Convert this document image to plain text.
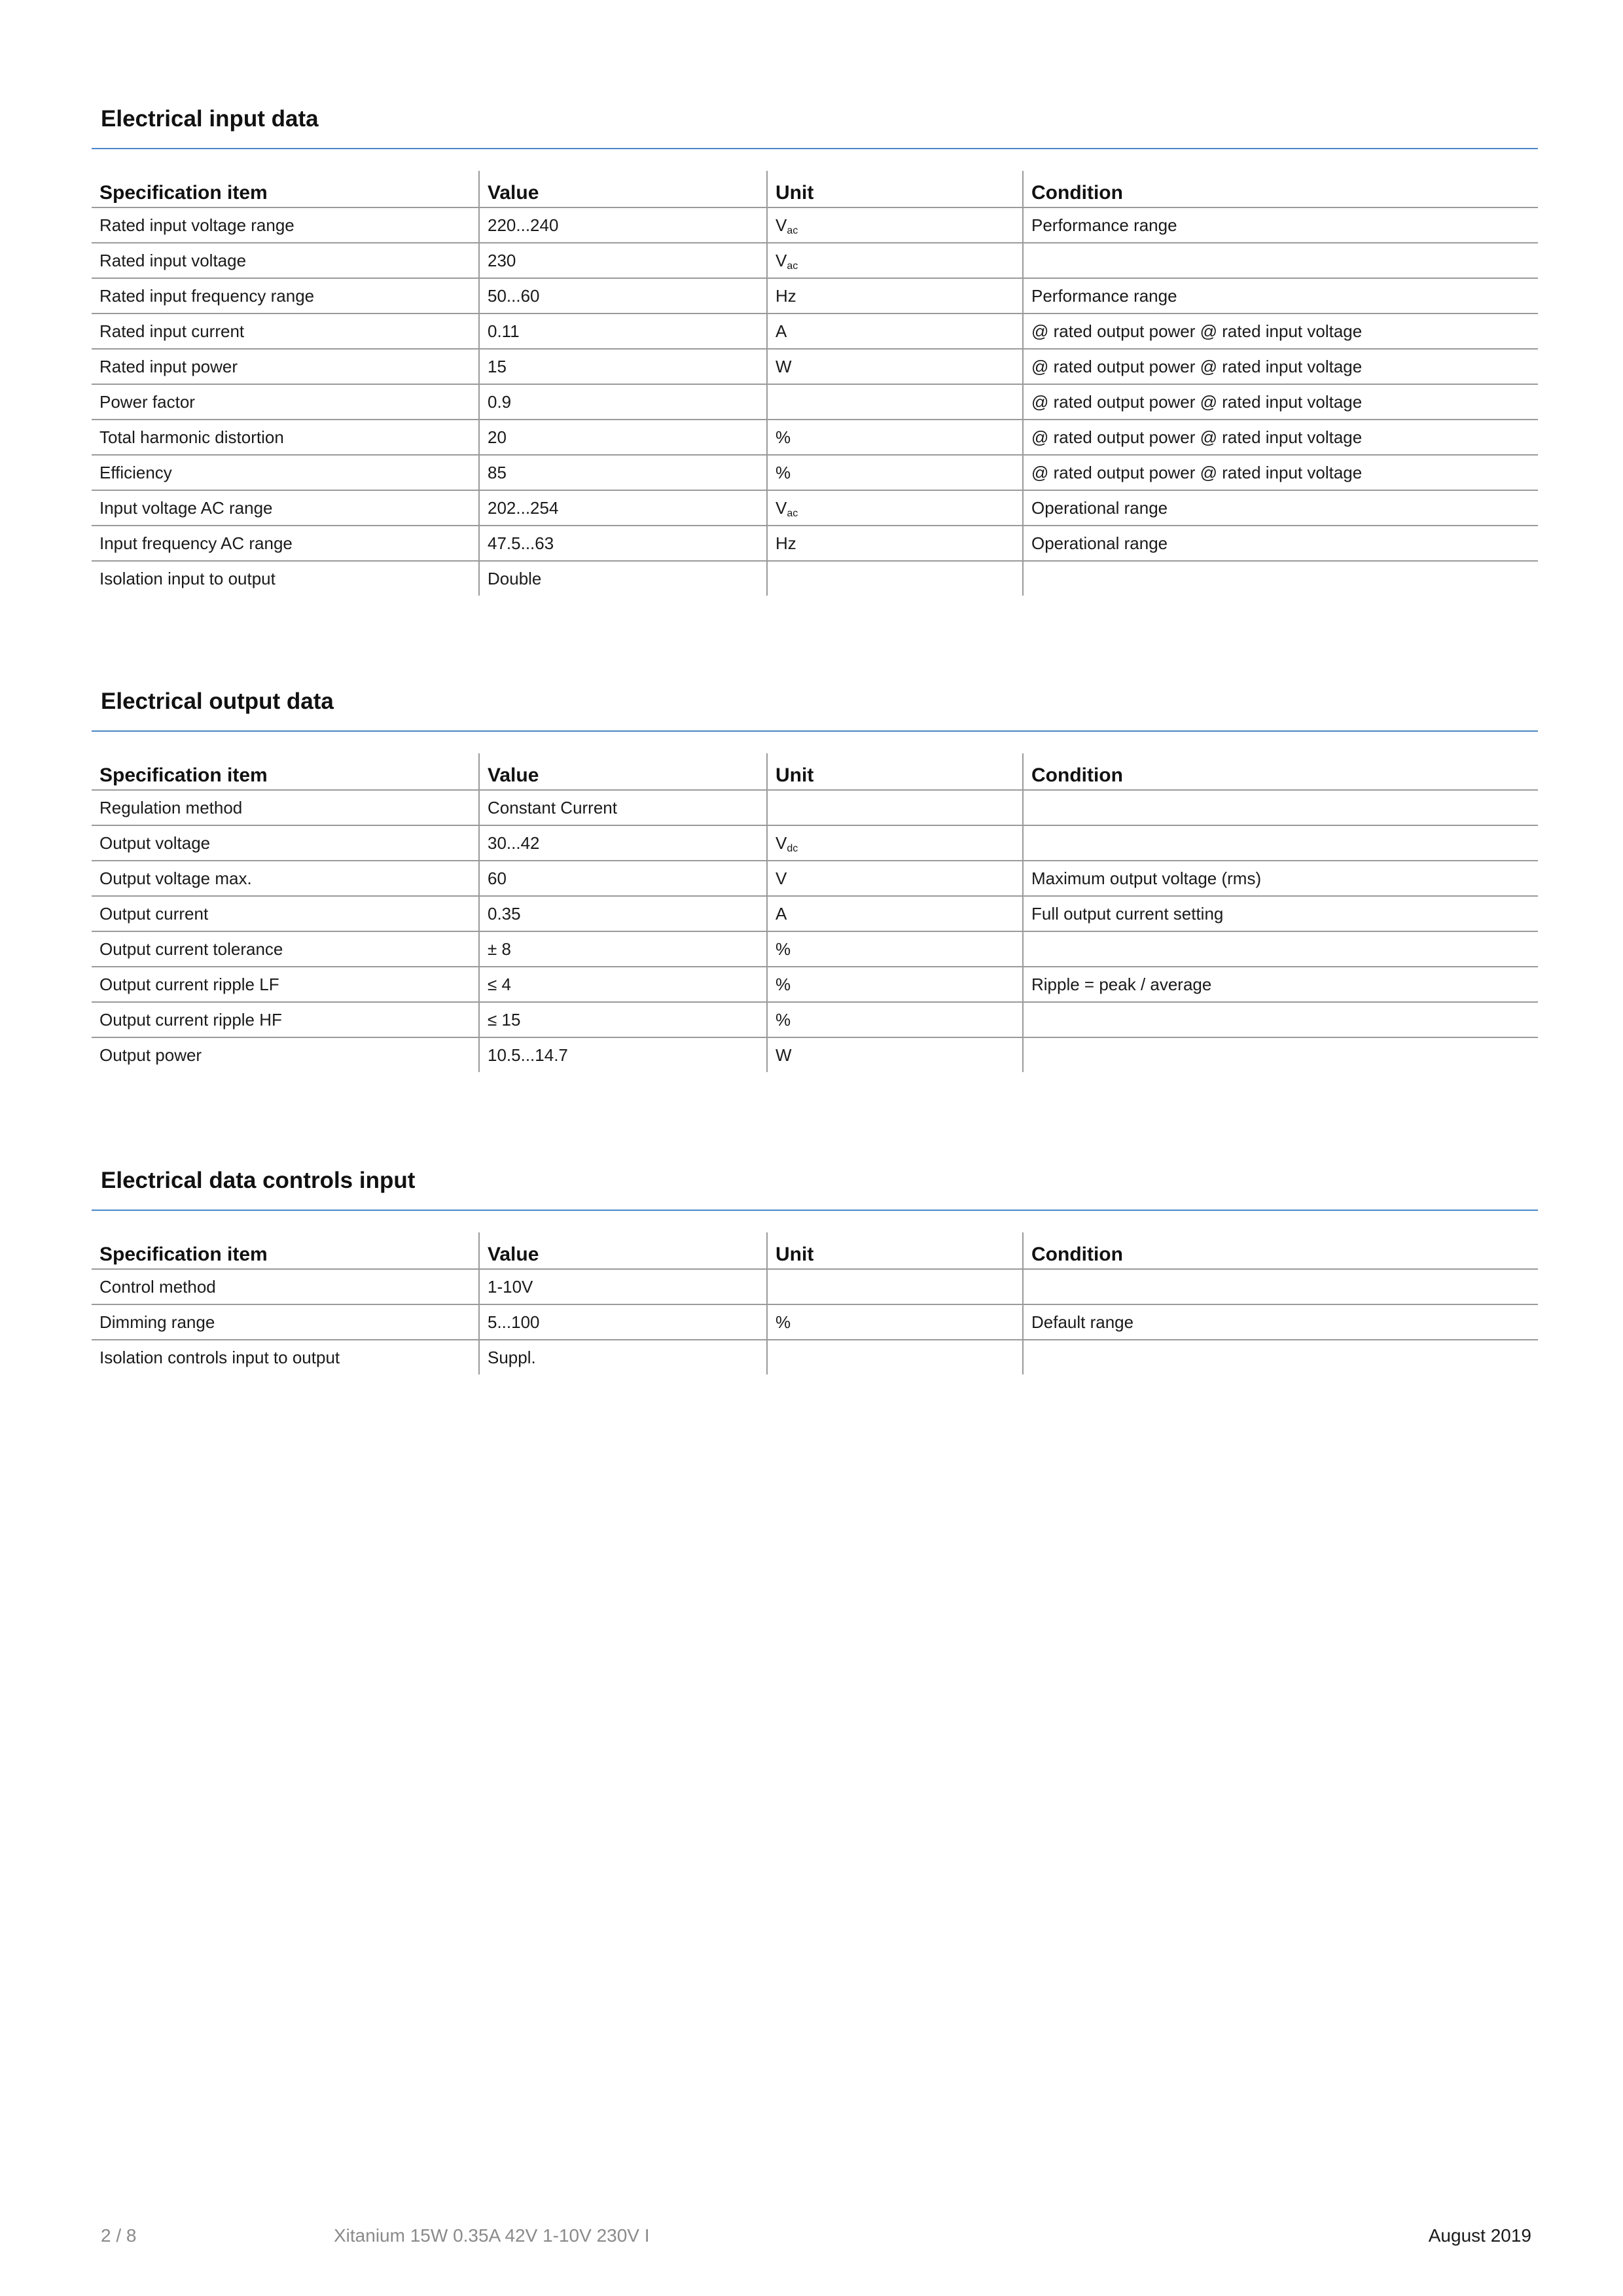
Electrical input data
Specification item	Value	Unit	Condition
Rated input voltage range	220...240	$V_{ac}$	Performance range
Rated input voltage	230	$V_{ac}$	
Rated input frequency range	50...60	Hz	Performance range
Rated input current	0.11	A	@ rated output power @ rated input voltage
Rated input power	15	W	@ rated output power @ rated input voltage
Power factor	0.9		@ rated output power @ rated input voltage
Total harmonic distortion	20	%	@ rated output power @ rated input voltage
Efficiency	85	%	@ rated output power @ rated input voltage
Input voltage AC range	202...254	$V_{ac}$	Operational range
Input frequency AC range	47.5...63	Hz	Operational range
Isolation input to output	Double		
Electrical output data
Specification item	Value	Unit	Condition
Regulation method	Constant Current		
Output voltage	30...42	$V_{dc}$	
Output voltage max.	60	V	Maximum output voltage (rms)
Output current	0.35	A	Full output current setting
Output current tolerance	± 8	%	
Output current ripple LF	≤ 4	%	Ripple = peak / average
Output current ripple HF	≤ 15	%	
Output power	10.5...14.7	W	
Electrical data controls input
Specification item	Value	Unit	Condition
Control method	1-10V		
Dimming range	5...100	%	Default range
Isolation controls input to output	Suppl.		
2 / 8	Xitanium 15W 0.35A 42V 1-10V 230V I	August 2019
